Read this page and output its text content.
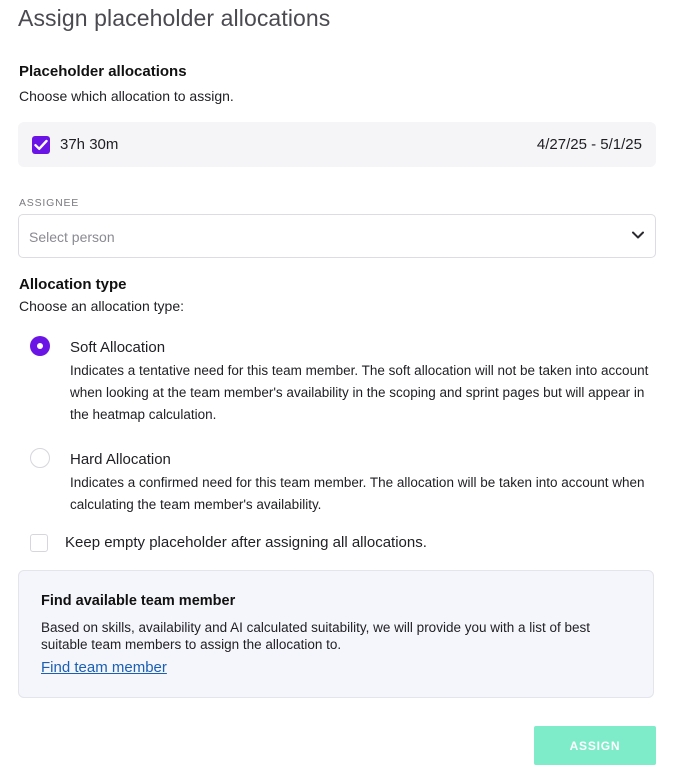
Assign placeholder allocations
Placeholder allocations
Choose which allocation to assign.
37h 30m	4/27/25 - 5/1/25
ASSIGNEE
Select person
Allocation type
Choose an allocation type:
Soft Allocation
Indicates a tentative need for this team member. The soft allocation will not be taken into account when looking at the team member's availability in the scoping and sprint pages but will appear in the heatmap calculation.
Hard Allocation
Indicates a confirmed need for this team member. The allocation will be taken into account when calculating the team member's availability.
Keep empty placeholder after assigning all allocations.
Find available team member
Based on skills, availability and AI calculated suitability, we will provide you with a list of best suitable team members to assign the allocation to.
Find team member
ASSIGN
